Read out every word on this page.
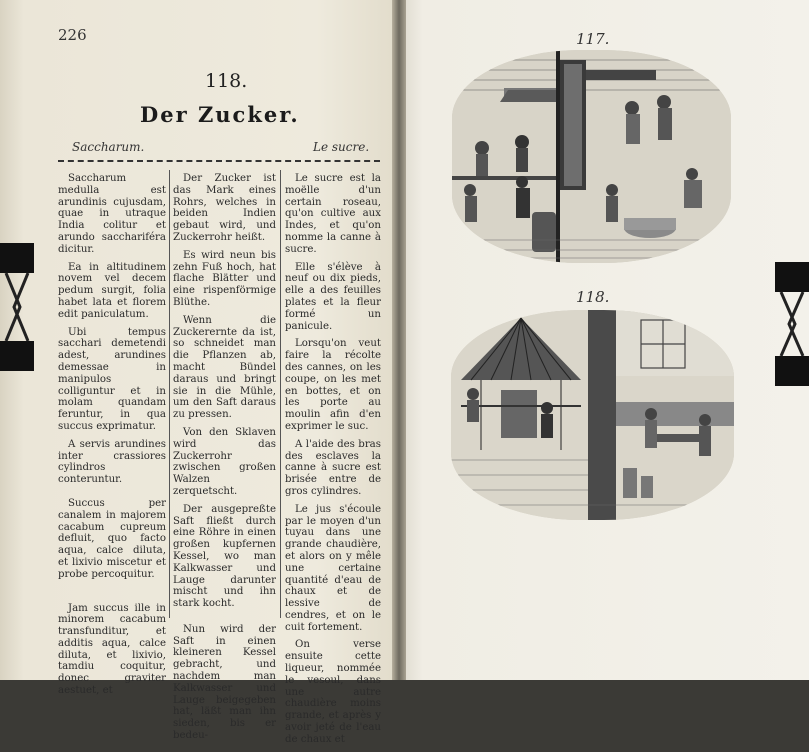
226
118.
Der Zucker.
Saccharum.	Le sucre.

Saccharum medulla est arundinis cujusdam, quae in utraque India colitur et arundo sacchariféra dicitur.

Ea in altitudinem novem vel decem pedum surgit, folia habet lata et florem edit paniculatum.

Ubi tempus sacchari demetendi adest, arundines demessae in manipulos colliguntur et in molam quandam feruntur, in qua succus exprimatur.

A servis arundines inter crassiores cylindros conteruntur.

Succus per canalem in majorem cacabum cupreum defluit, quo facto aqua, calce diluta, et lixivio miscetur et probe percoquitur.

Jam succus ille in minorem cacabum transfunditur, et additis aqua, calce diluta, et lixivio, tamdiu coquitur, donec graviter aestuet, et

Der Zucker ist das Mark eines Rohrs, welches in beiden Indien gebaut wird, und Zuckerrohr heißt.

Es wird neun bis zehn Fuß hoch, hat flache Blätter und eine rispenförmige Blüthe.

Wenn die Zuckerernte da ist, so schneidet man die Pflanzen ab, macht Bündel daraus und bringt sie in die Mühle, um den Saft daraus zu pressen.

Von den Sklaven wird das Zuckerrohr zwischen großen Walzen zerquetscht.

Der ausgepreßte Saft fließt durch eine Röhre in einen großen kupfernen Kessel, wo man Kalkwasser und Lauge darunter mischt und ihn stark kocht.

Nun wird der Saft in einen kleineren Kessel gebracht, und nachdem man Kalkwasser und Lauge beigegeben hat, läßt man ihn sieden, bis er bedeu-

Le sucre est la moëlle d'un certain roseau, qu'on cultive aux Indes, et qu'on nomme la canne à sucre.

Elle s'élève à neuf ou dix pieds, elle a des feuilles plates et la fleur formé un panicule.

Lorsqu'on veut faire la récolte des cannes, on les coupe, on les met en bottes, et on les porte au moulin afin d'en exprimer le suc.

A l'aide des bras des esclaves la canne à sucre est brisée entre de gros cylindres.

Le jus s'écoule par le moyen d'un tuyau dans une grande chaudière, et alors on y mêle une certaine quantité d'eau de chaux et de lessive de cendres, et on le cuit fortement.

On verse ensuite cette liqueur, nommée le vesoul, dans une autre chaudière moins grande, et après y avoir jeté de l'eau de chaux et

117.
118.
